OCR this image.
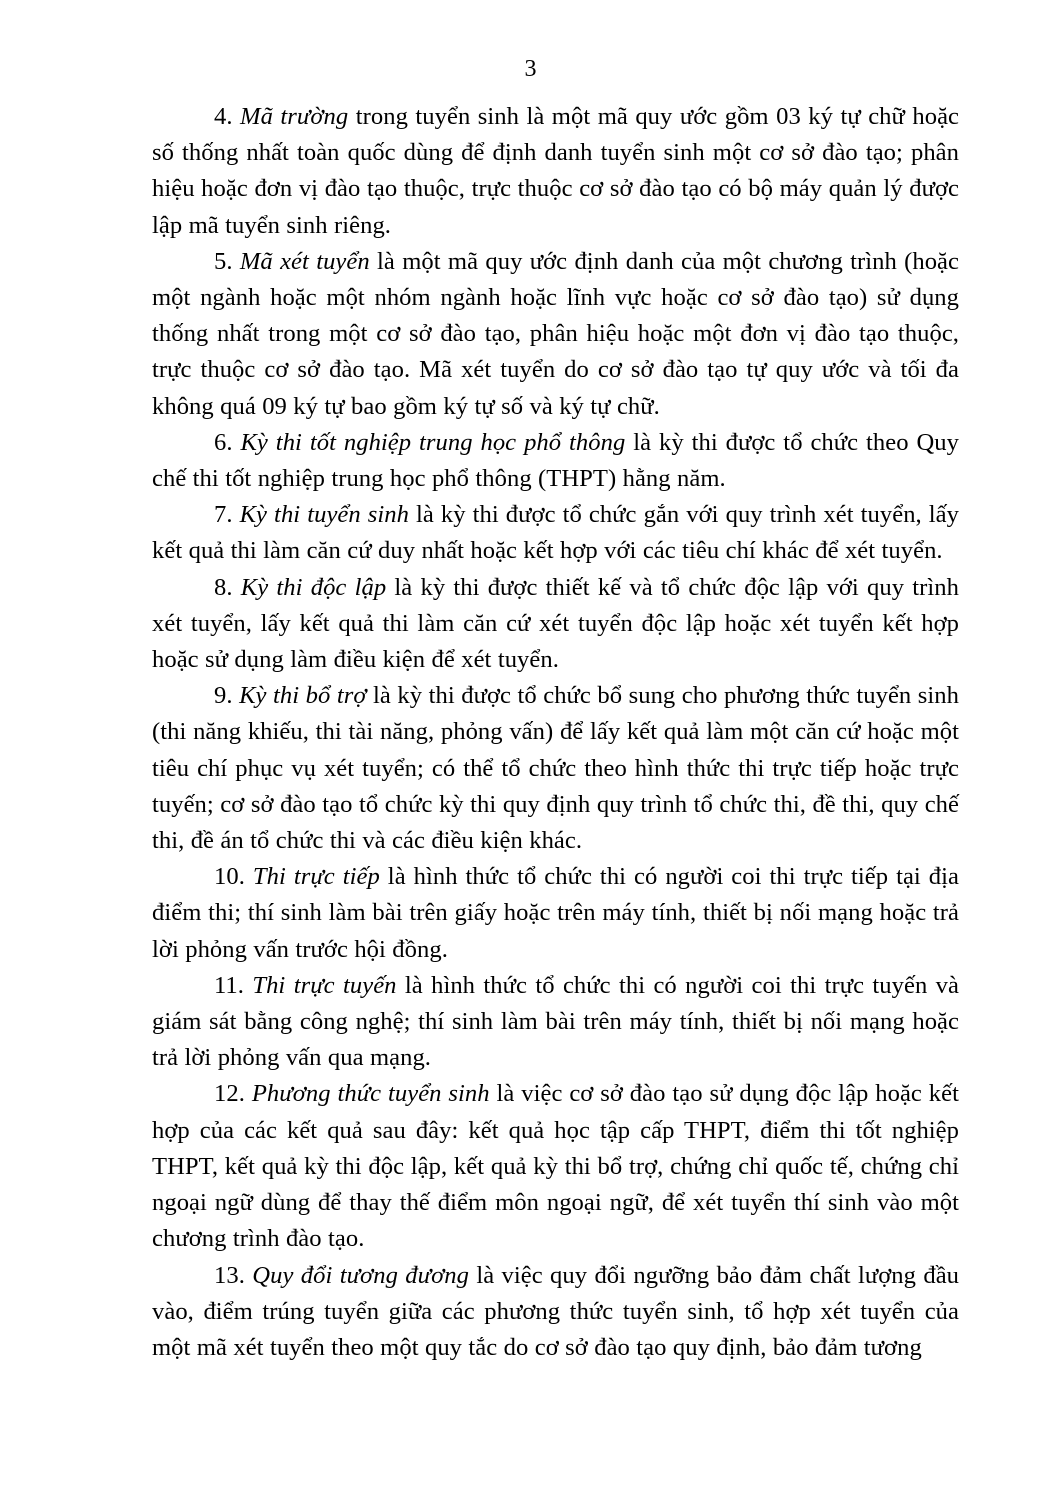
3

4. Mã trường trong tuyển sinh là một mã quy ước gồm 03 ký tự chữ hoặc số thống nhất toàn quốc dùng để định danh tuyển sinh một cơ sở đào tạo; phân hiệu hoặc đơn vị đào tạo thuộc, trực thuộc cơ sở đào tạo có bộ máy quản lý được lập mã tuyển sinh riêng.

5. Mã xét tuyển là một mã quy ước định danh của một chương trình (hoặc một ngành hoặc một nhóm ngành hoặc lĩnh vực hoặc cơ sở đào tạo) sử dụng thống nhất trong một cơ sở đào tạo, phân hiệu hoặc một đơn vị đào tạo thuộc, trực thuộc cơ sở đào tạo. Mã xét tuyển do cơ sở đào tạo tự quy ước và tối đa không quá 09 ký tự bao gồm ký tự số và ký tự chữ.

6. Kỳ thi tốt nghiệp trung học phổ thông là kỳ thi được tổ chức theo Quy chế thi tốt nghiệp trung học phổ thông (THPT) hằng năm.

7. Kỳ thi tuyển sinh là kỳ thi được tổ chức gắn với quy trình xét tuyển, lấy kết quả thi làm căn cứ duy nhất hoặc kết hợp với các tiêu chí khác để xét tuyển.

8. Kỳ thi độc lập là kỳ thi được thiết kế và tổ chức độc lập với quy trình xét tuyển, lấy kết quả thi làm căn cứ xét tuyển độc lập hoặc xét tuyển kết hợp hoặc sử dụng làm điều kiện để xét tuyển.

9. Kỳ thi bổ trợ là kỳ thi được tổ chức bổ sung cho phương thức tuyển sinh (thi năng khiếu, thi tài năng, phỏng vấn) để lấy kết quả làm một căn cứ hoặc một tiêu chí phục vụ xét tuyển; có thể tổ chức theo hình thức thi trực tiếp hoặc trực tuyến; cơ sở đào tạo tổ chức kỳ thi quy định quy trình tổ chức thi, đề thi, quy chế thi, đề án tổ chức thi và các điều kiện khác.

10. Thi trực tiếp là hình thức tổ chức thi có người coi thi trực tiếp tại địa điểm thi; thí sinh làm bài trên giấy hoặc trên máy tính, thiết bị nối mạng hoặc trả lời phỏng vấn trước hội đồng.

11. Thi trực tuyến là hình thức tổ chức thi có người coi thi trực tuyến và giám sát bằng công nghệ; thí sinh làm bài trên máy tính, thiết bị nối mạng hoặc trả lời phỏng vấn qua mạng.

12. Phương thức tuyển sinh là việc cơ sở đào tạo sử dụng độc lập hoặc kết hợp của các kết quả sau đây: kết quả học tập cấp THPT, điểm thi tốt nghiệp THPT, kết quả kỳ thi độc lập, kết quả kỳ thi bổ trợ, chứng chỉ quốc tế, chứng chỉ ngoại ngữ dùng để thay thế điểm môn ngoại ngữ, để xét tuyển thí sinh vào một chương trình đào tạo.

13. Quy đổi tương đương là việc quy đổi ngưỡng bảo đảm chất lượng đầu vào, điểm trúng tuyển giữa các phương thức tuyển sinh, tổ hợp xét tuyển của một mã xét tuyển theo một quy tắc do cơ sở đào tạo quy định, bảo đảm tương
